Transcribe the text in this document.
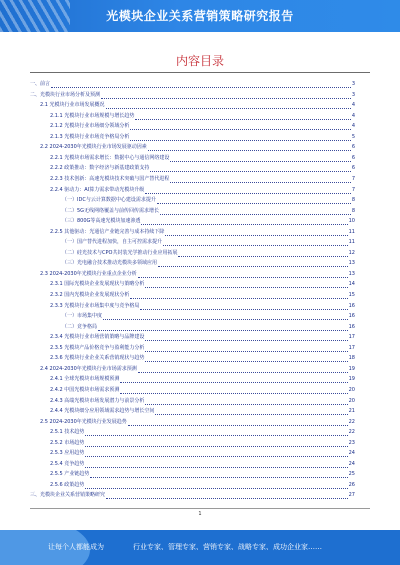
光模块企业关系营销策略研究报告
内容目录
一、前言	3
二、光模块行业市场分析及预测	3
2.1 光模块行业市场发展概况	4
2.1.1 光模块行业市场规模与增长趋势	4
2.1.2 光模块行业市场细分领域分析	4
2.1.3 光模块行业市场竞争格局分析	5
2.2 2024-2030年光模块行业市场发展驱动因素	6
2.2.1 光模块市场需求增长：数据中心与通信网络建设	6
2.2.2 政策推动：数字经济与新基建政策支持	6
2.2.3 技术创新：高速光模块技术突破与国产替代进程	7
2.2.4 驱动力：AI算力需求带动光模块升级	7
（一）IDC与云计算数据中心建设需求提升	8
（二）5G无线网络覆盖与前传回传需求增长	8
（三）800G等高速光模块加速渗透	10
2.2.5 其他驱动：光通信产业链完善与成本持续下降	11
（一）国产替代进程加快，自主可控需求提升	11
（二）硅光技术与CPO共封装光学推动行业应用拓展	12
（三）光电融合技术推动光模块多领域应用	13
2.3 2024-2030年光模块行业重点企业分析	13
2.3.1 国际光模块企业发展现状与策略分析	14
2.3.2 国内光模块企业发展现状分析	15
2.3.3 光模块行业市场集中度与竞争格局	16
（一）市场集中度	16
（二）竞争格局	16
2.3.4 光模块行业市场营销策略与品牌建设	17
2.3.5 光模块产品价格竞争与盈利能力分析	17
2.3.6 光模块行业企业关系营销现状与趋势	18
2.4 2024-2030年光模块行业市场需求预测	19
2.4.1 全球光模块市场规模预测	19
2.4.2 中国光模块市场需求预测	20
2.4.3 高端光模块市场发展潜力与前景分析	20
2.4.4 光模块细分应用领域需求趋势与增长空间	21
2.5 2024-2030年光模块行业发展趋势	22
2.5.1 技术趋势	22
2.5.2 市场趋势	23
2.5.3 应用趋势	24
2.5.4 竞争趋势	24
2.5.5 产业链趋势	25
2.5.6 政策趋势	26
三、光模块企业关系营销策略研究	27
1
让每个人都能成为	行业专家、管理专家、营销专家、战略专家、成功企业家……
